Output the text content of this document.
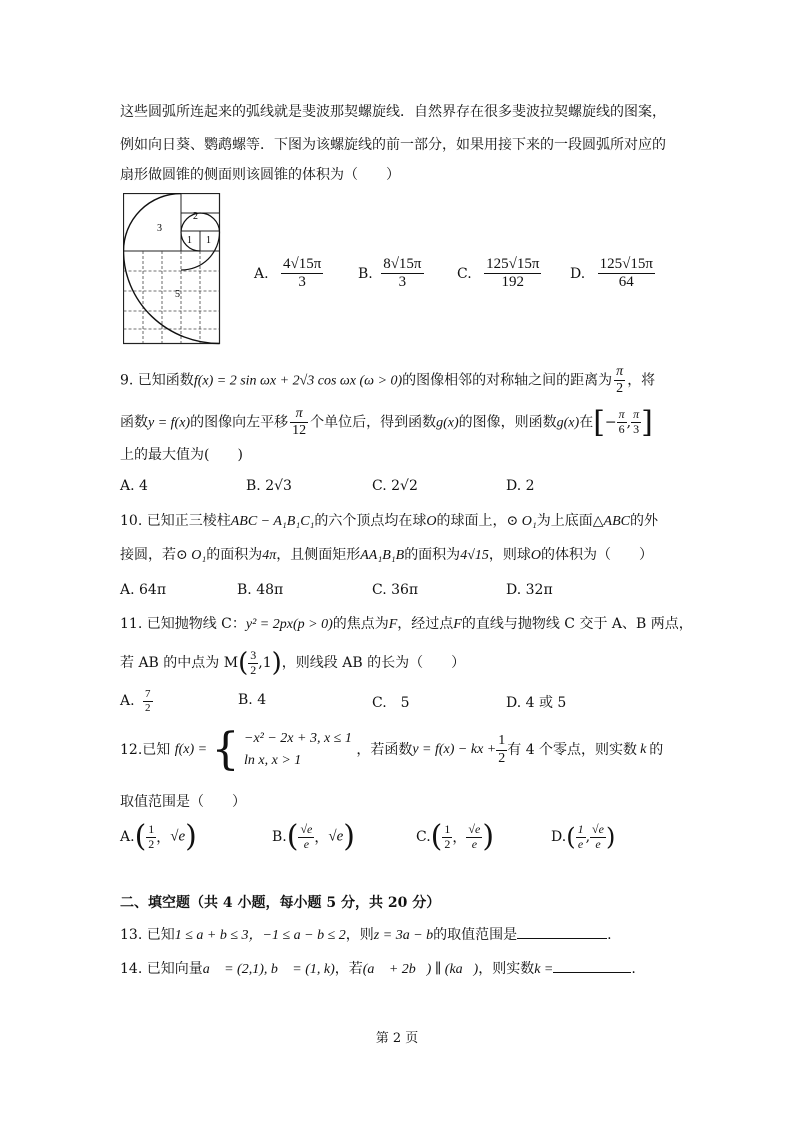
这些圆弧所连起来的弧线就是斐波那契螺旋线．自然界存在很多斐波拉契螺旋线的图案，
例如向日葵、鹦鹉螺等．下图为该螺旋线的前一部分，如果用接下来的一段圆弧所对应的
扇形做圆锥的侧面则该圆锥的体积为（　　）
3
2
1 1
5
A. $\frac{4√15\pi}{3} B$. $\frac{8√15\pi}{3} C$. $\frac{125√15\pi}{192} D$. $\frac{125√15\pi}{64}$
9. 已知函数f(x) = 2 sin ωx + 2√3 cos ωx (ω > 0)的图像相邻的对称轴之间的距离为 $\frac{\pi}{2}$ ，将
函数y = f(x)的图像向左平移 $\frac{\pi}{12}$ 个单位后，得到函数g(x)的图像，则函数g(x)在[− $\frac{\pi}{6}$ , $\frac{\pi}{3}$ ]
上的最大值为(　　)
A. 4	B. 2√3	C. 2√2	D. 2
10. 已知正三棱柱ABC − A₁B₁C₁的六个顶点均在球O的球面上，⊙ O₁为上底面△ABC的外
接圆，若⊙ O₁的面积为4π，且侧面矩形AA₁B₁B的面积为4√15，则球O的体积为（　　）
A. 64π	B. 48π	C. 36π	D. 32π
11. 已知抛物线 C：y² = 2px(p > 0)的焦点为F，经过点F的直线与抛物线 C 交于 A、B 两点，
若 AB 的中点为 $M( \frac{3}{2} ,1)$，则线段 AB 的长为（　　）
A. $\frac{7}{2}$	B. 4	C.　5	D. 4 或 5
12.已知 f(x) = { −x² − 2x + 3, x ≤ 1
ln x, x > 1
，若函数y = f(x) − kx + $\frac{1}{2}$ 有 4 个零点，则实数 k 的
取值范围是（　　）
$A.( \frac{1}{2}$ ，√e)	$B.( \frac{√e}{e}$ ，√e)	$C.( \frac{1}{2}$ ， $\frac{√e}{e}$ )	$D.( \frac{1}{e}$ , $\frac{√e}{e}$ )
二、填空题（共 4 小题，每小题 5 分，共 20 分）
13. 已知1 ≤ a + b ≤ 3，−1 ≤ a − b ≤ 2，则z = 3a − b的取值范围是	.
14. 已知向量a⃗ = (2,1), b⃗ = (1, k)，若(a⃗ + 2b⃗) ∥ (ka⃗)，则实数k =	.
第 2 页
